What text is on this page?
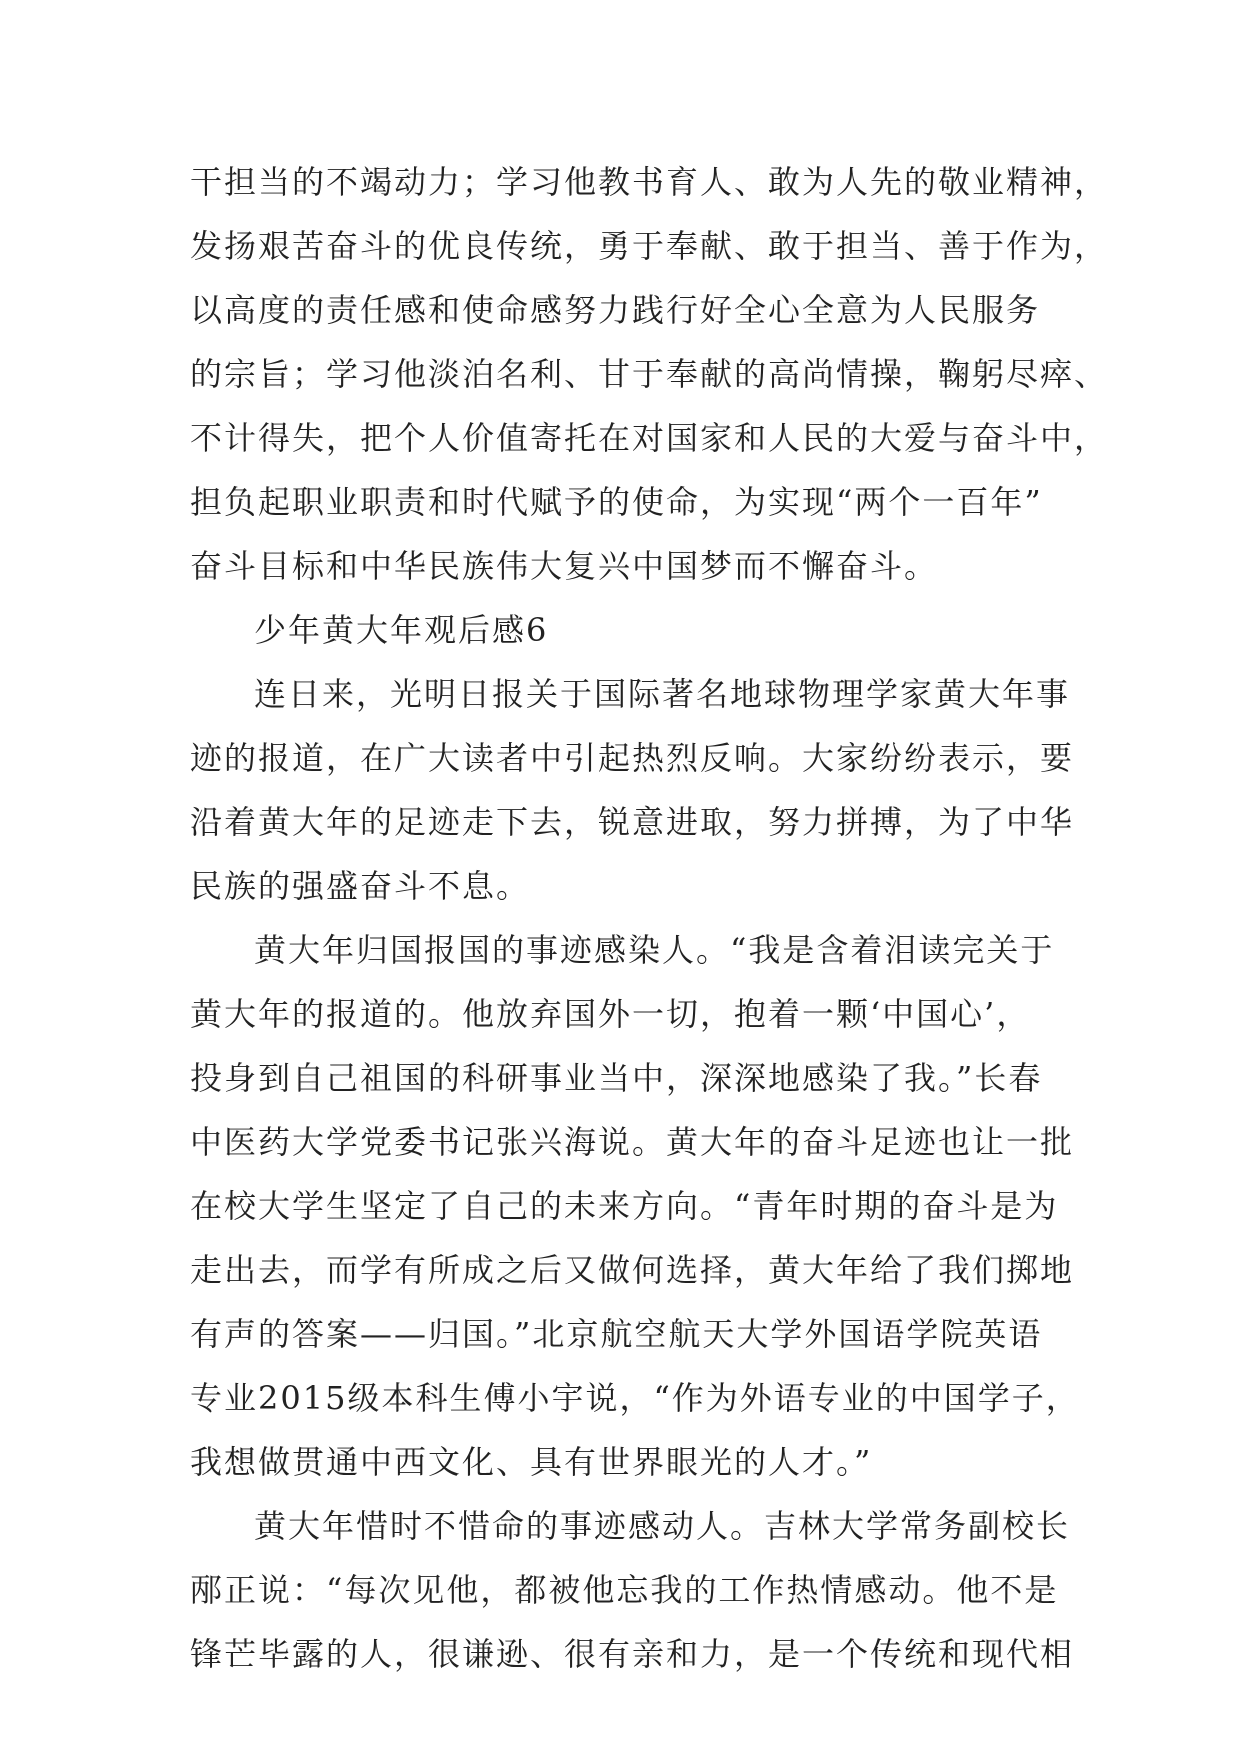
干担当的不竭动力；学习他教书育人、敢为人先的敬业精神，
发扬艰苦奋斗的优良传统，勇于奉献、敢于担当、善于作为，
以高度的责任感和使命感努力践行好全心全意为人民服务
的宗旨；学习他淡泊名利、甘于奉献的高尚情操，鞠躬尽瘁、
不计得失，把个人价值寄托在对国家和人民的大爱与奋斗中，
担负起职业职责和时代赋予的使命，为实现“两个一百年”
奋斗目标和中华民族伟大复兴中国梦而不懈奋斗。
少年黄大年观后感6
连日来，光明日报关于国际著名地球物理学家黄大年事
迹的报道，在广大读者中引起热烈反响。大家纷纷表示，要
沿着黄大年的足迹走下去，锐意进取，努力拼搏，为了中华
民族的强盛奋斗不息。
黄大年归国报国的事迹感染人。“我是含着泪读完关于
黄大年的报道的。他放弃国外一切，抱着一颗‘中国心’，
投身到自己祖国的科研事业当中，深深地感染了我。”长春
中医药大学党委书记张兴海说。黄大年的奋斗足迹也让一批
在校大学生坚定了自己的未来方向。“青年时期的奋斗是为
走出去，而学有所成之后又做何选择，黄大年给了我们掷地
有声的答案——归国。”北京航空航天大学外国语学院英语
专业2015级本科生傅小宇说，“作为外语专业的中国学子，
我想做贯通中西文化、具有世界眼光的人才。”
黄大年惜时不惜命的事迹感动人。吉林大学常务副校长
邴正说：“每次见他，都被他忘我的工作热情感动。他不是
锋芒毕露的人，很谦逊、很有亲和力，是一个传统和现代相
